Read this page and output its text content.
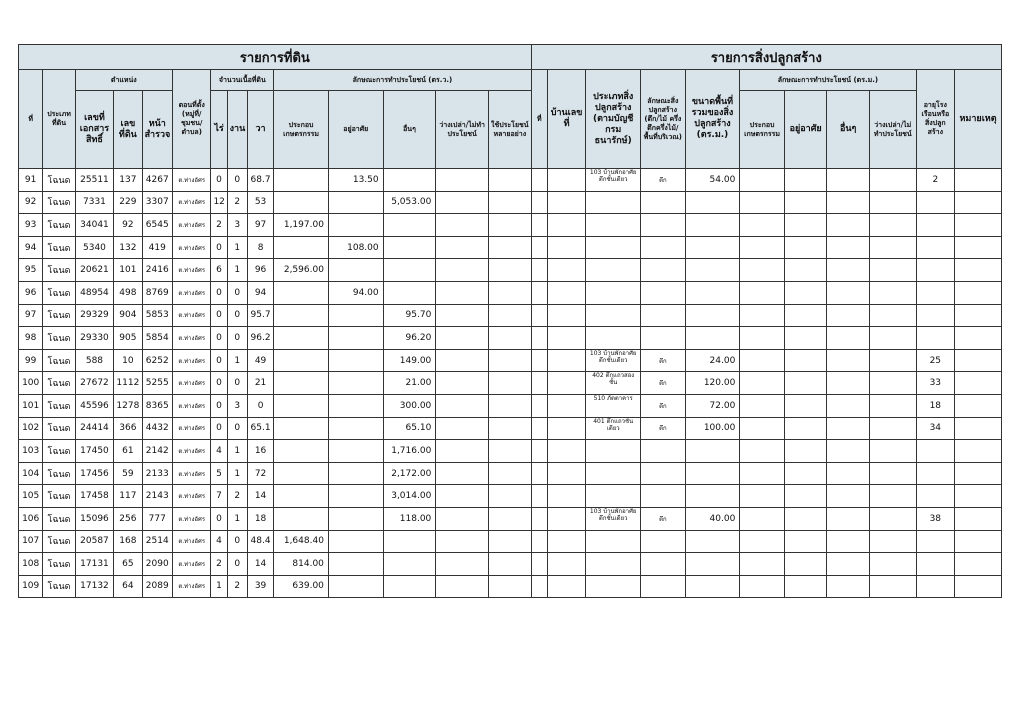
รายการที่ดิน														รายการสิ่งปลูกสร้าง										
ที่	ประเภทที่ดิน	ตำแหน่ง			ตอนที่ตั้ง (หมู่ที่/ชุมชน/ตำบล)	จำนวนเนื้อที่ดิน			ลักษณะการทำประโยชน์ (ตร.ว.)					ที่	บ้านเลขที่	ประเภทสิ่งปลูกสร้าง (ตามบัญชีกรมธนารักษ์)	ลักษณะสิ่งปลูกสร้าง (ตึก/ไม้ ครึ่งตึกครึ่งไม้/ พื้นที่บริเวณ)	ขนาดพื้นที่รวมของสิ่งปลูกสร้าง (ตร.ม.)	ลักษณะการทำประโยชน์ (ตร.ม.)				อายุโรงเรือนหรือสิ่งปลูกสร้าง	หมายเหตุ
		เลขที่เอกสารสิทธิ์	เลขที่ดิน	หน้าสำรวจ		ไร่	งาน	วา	ประกอบเกษตรกรรม	อยู่อาศัย	อื่นๆ	ว่างเปล่า/ไม่ทำประโยชน์	ใช้ประโยชน์หลายอย่าง						ประกอบเกษตรกรรม	อยู่อาศัย	อื่นๆ	ว่างเปล่า/ไม่ทำประโยชน์		
91	โฉนด	25511	137	4267	ต.ท่างอัศร	0	0	68.7		13.50						103 บ้านพักอาศัยตึกชั้นเดียว	ตึก	54.00					2	
92	โฉนด	7331	229	3307	ต.ท่างอัศร	12	2	53			5,053.00													
93	โฉนด	34041	92	6545	ต.ท่างอัศร	2	3	97	1,197.00															
94	โฉนด	5340	132	419	ต.ท่างอัศร	0	1	8		108.00														
95	โฉนด	20621	101	2416	ต.ท่างอัศร	6	1	96	2,596.00															
96	โฉนด	48954	498	8769	ต.ท่างอัศร	0	0	94		94.00														
97	โฉนด	29329	904	5853	ต.ท่างอัศร	0	0	95.7			95.70													
98	โฉนด	29330	905	5854	ต.ท่างอัศร	0	0	96.2			96.20													
99	โฉนด	588	10	6252	ต.ท่างอัศร	0	1	49			149.00					103 บ้านพักอาศัยตึกชั้นเดียว	ตึก	24.00					25	
100	โฉนด	27672	1112	5255	ต.ท่างอัศร	0	0	21			21.00					402 ตึกแถวสองชั้น	ตึก	120.00					33	
101	โฉนด	45596	1278	8365	ต.ท่างอัศร	0	3	0			300.00					510 ภัตตาคาร	ตึก	72.00					18	
102	โฉนด	24414	366	4432	ต.ท่างอัศร	0	0	65.1			65.10					401 ตึกแถวชั้นเดียว	ตึก	100.00					34	
103	โฉนด	17450	61	2142	ต.ท่างอัศร	4	1	16			1,716.00													
104	โฉนด	17456	59	2133	ต.ท่างอัศร	5	1	72			2,172.00													
105	โฉนด	17458	117	2143	ต.ท่างอัศร	7	2	14			3,014.00													
106	โฉนด	15096	256	777	ต.ท่างอัศร	0	1	18			118.00					103 บ้านพักอาศัยตึกชั้นเดียว	ตึก	40.00					38	
107	โฉนด	20587	168	2514	ต.ท่างอัศร	4	0	48.4	1,648.40															
108	โฉนด	17131	65	2090	ต.ท่างอัศร	2	0	14	814.00															
109	โฉนด	17132	64	2089	ต.ท่างอัศร	1	2	39	639.00															
